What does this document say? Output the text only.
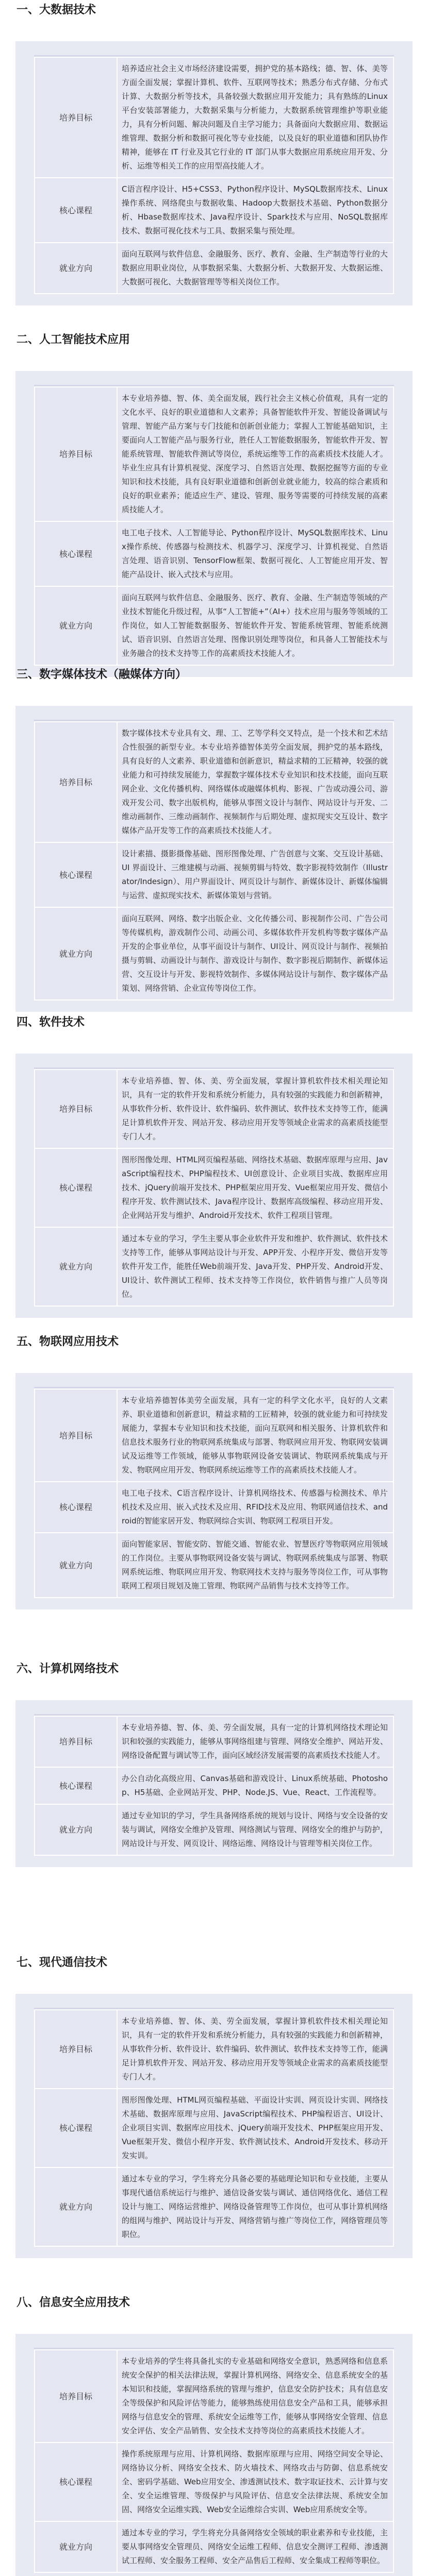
一、大数据技术
培养目标	培养适应社会主义市场经济建设需要，拥护党的基本路线；德、智、体、美等方面全面发展；掌握计算机、软件、互联网等技术；熟悉分布式存储、分布式计算、大数据分析等技术，具备较强大数据应用开发能力；具有熟练的Linux平台安装部署能力，大数据采集与分析能力，大数据系统管理维护等职业能力，具有分析问题、解决问题及自主学习能力；具备面向大数据应用、数据运维管理、数据分析和数据可视化等专业技能，以及良好的职业道德和团队协作精神，能够在 IT 行业及其它行业的 IT 部门从事大数据应用系统应用开发、分析、运维等相关工作的应用型高技能人才。
核心课程	C语言程序设计、H5+CSS3、Python程序设计、MySQL数据库技术、Linux操作系统、网络爬虫与数据收集、Hadoop大数据技术基础、Python数据分析、Hbase数据库技术、Java程序设计、Spark技术与应用、NoSQL数据库技术、数据可视化技术与工具、数据采集与预处理。
就业方向	面向互联网与软件信息、金融服务、医疗、教育、金融、生产制造等行业的大数据应用职业岗位，从事数据采集、大数据分析、大数据开发、大数据运维、大数据可视化、大数据管理等等相关岗位工作。
二、人工智能技术应用
培养目标	本专业培养德、智、体、美全面发展，践行社会主义核心价值观，具有一定的文化水平、良好的职业道德和人文素养；具备智能软件开发、智能设备调试与管理、智能产品方案与专门技能和创新创业能力；掌握人工智能基础知识，主要面向人工智能产品与服务行业，胜任人工智能数据服务，智能软件开发、智能系统管理、智能软件测试等岗位，系统运维等工作的高素质技术技能人才。毕业生应具有计算机视觉、深度学习、自然语言处理、数据挖掘等方面的专业知识和技术技能，具有良好职业道德和创新创业就业能力，较高的综合素质和良好的职业素养；能适应生产、建设、管理、服务等需要的可持续发展的高素质技能人才。
核心课程	电工电子技术、人工智能导论、Python程序设计、MySQL数据库技术、Linux操作系统、传感器与检测技术、机器学习、深度学习、计算机视觉、自然语言处理、语音识别、TensorFlow框架、数据可视化、人工智能应用开发、智能产品设计、嵌入式技术与应用。
就业方向	面向互联网与软件信息、金融服务、医疗、教育、金融、生产制造等领域的产业技术智能化升级过程，从事“人工智能+”（AI+）技术应用与服务等领域的工作岗位，如人工智能数据服务、智能软件开发、智能系统管理、智能系统测试、语音识别、自然语言处理、图像识别处理等岗位，和具备人工智能技术与业务融合的技术支持等工作的高素质技术技能人才。
三、数字媒体技术（融媒体方向）
培养目标	数字媒体技术专业具有文、理、工、艺等学科交叉特点，是一个技术和艺术结合性很强的新型专业。本专业培养德智体美劳全面发展，拥护党的基本路线，具有良好的人文素养、职业道德和创新意识，精益求精的工匠精神，较强的就业能力和可持续发展能力，掌握数字媒体技术专业知识和技术技能，面向互联网企业、文化传播机构、网络媒体或融媒体机构、影视、广告或动漫公司、游戏开发公司、数字出版机构，能够从事图文设计与制作、网站设计与开发、二维动画制作、三维动画制作、视频制作与后期处理、虚拟现实交互设计、数字媒体产品开发等工作的高素质技术技能人才。
核心课程	设计素描、摄影摄像基础、图形图像处理、广告创意与文案、交互设计基础、UI 界面设计、三维建模与动画、视频剪辑与特效、数字影视特效制作（Illustrator/Indesign）、用户界面设计、网页设计与制作、新媒体设计、新媒体编辑与运营、虚拟现实技术、新媒体策划与营销。
就业方向	面向互联网、网络、数字出版企业、文化传播公司、影视制作公司、广告公司等传媒机构，游戏制作公司、动画公司、多媒体软件开发机构等数字媒体产品开发的企事业单位，从事平面设计与制作、UI设计、网页设计与制作、视频拍摄与剪辑、动画设计与制作、游戏设计与制作、数字影视后期制作、新媒体运营、交互设计与开发、影视特效制作、多媒体网站设计与制作、数字媒体产品策划、网络营销、企业宣传等岗位工作。
四、软件技术
培养目标	本专业培养德、智、体、美、劳全面发展，掌握计算机软件技术相关理论知识，具有一定的软件开发和系统分析能力，具有较强的实践能力和创新精神，从事软件分析、软件设计、软件编码、软件测试、软件技术支持等工作，能满足计算机软件开发、网站开发、移动应用开发等领域企业需求的高素质技能型专门人才。
核心课程	图形图像处理、HTML网页编程基础、网络技术基础、数据库原理与应用、JavaScript编程技术、PHP编程技术、UI创意设计、企业项目实战、数据库应用技术、jQuery前端开发技术、PHP框架应用开发、Vue框架应用开发、微信小程序开发、软件测试技术、Java程序设计、数据库高级编程、移动应用开发、企业网站开发与维护、Android开发技术、软件工程项目管理。
就业方向	通过本专业的学习，学生主要从事企业软件开发和维护、软件测试、软件技术支持等工作，能够从事网站设计与开发、APP开发、小程序开发、微信开发等软件开发工作，能胜任Web前端开发、Java开发、PHP开发、Android开发、UI设计、软件测试工程师、技术支持等工作岗位，软件销售与推广人员等岗位。
五、物联网应用技术
培养目标	本专业培养德智体美劳全面发展，具有一定的科学文化水平，良好的人文素养、职业道德和创新意识，精益求精的工匠精神，较强的就业能力和可持续发展能力，掌握本专业知识和技术技能，面向互联网和相关服务、计算机软件和信息技术服务行业的物联网系统集成与部署、物联网应用开发、物联网安装调试及运维等工作领域，能够从事物联网设备安装调试、物联网系统集成与开发、物联网应用开发、物联网系统运维等工作的高素质技术技能人才。
核心课程	电工电子技术、C语言程序设计、计算机网络技术、传感器与检测技术、单片机技术及应用、嵌入式技术及应用、RFID技术及应用、物联网通信技术、android的智能家居开发、物联网综合实训、物联网工程项目开发。
就业方向	面向智能家居、智能安防、智能交通、智能农业、智慧医疗等物联网应用领域的工作岗位。主要从事物联网设备安装与调试、物联网系统集成与部署、物联网系统运维、物联网应用开发、物联网技术支持与服务等岗位工作，可从事物联网工程项目规划及施工管理、物联网产品销售与技术支持等工作。
六、计算机网络技术
培养目标	本专业培养德、智、体、美、劳全面发展，具有一定的计算机网络技术理论知识和较强的实践能力，能够从事网络组建与管理、网络安全维护、网站开发、网络设备配置与调试等工作，面向区域经济发展需要的高素质技术技能人才。
核心课程	办公自动化高级应用、Canvas基础和游戏设计、Linux系统基础、Photoshop、H5基础、企业网站开发、PHP、Node.JS、Vue、React、工作流程等。
就业方向	通过专业知识的学习，学生具备网络系统的规划与设计、网络与安全设备的安装与调试，网络安全维护及管理、网络测试与管理、网络安全的维护与防护，网站设计与开发、网页设计、网络运维、网络设计与管理等相关岗位工作。
七、现代通信技术
培养目标	本专业培养德、智、体、美、劳全面发展，掌握计算机软件技术相关理论知识，具有一定的软件开发和系统分析能力，具有较强的实践能力和创新精神，从事软件分析、软件设计、软件编码、软件测试、软件技术支持等工作，能满足计算机软件开发、网站开发、移动应用开发等领域企业需求的高素质技能型专门人才。
核心课程	图形图像处理、HTML网页编程基础、平面设计实训、网页设计实训、网络技术基础、数据库原理与应用、JavaScript编程技术、PHP编程语言、UI设计、企业项目实训、数据库应用技术、jQuery前端开发技术、PHP框架应用开发、Vue框架开发、微信小程序开发、软件测试技术、Android开发技术、移动开发实训。
就业方向	通过本专业的学习，学生将充分具备必要的基础理论知识和专业技能，主要从事现代通信系统运行与维护、通信设备安装与调试、通信网络优化、通信工程设计与施工、网络运营维护、网络设备管理等工作岗位，也可从事计算机网络的组网与维护、网站设计与开发、网络营销与推广等岗位工作，网络管理员等职位。
八、信息安全应用技术
培养目标	本专业培养的学生将具备扎实的专业基础和网络安全意识，熟悉网络和信息系统安全保护的相关法律法规，掌握计算机网络、网络安全、信息系统安全的基本知识和技能，掌握网络系统的管理与维护，信息安全防护技术；具有信息安全等级保护和风险评估等能力，能够熟练使用信息安全产品和工具，能够承担网络与信息安全的管理、系统安全运维等工作，能够从事网络安全管理、信息安全评估、安全产品销售、安全技术支持等岗位的高素质技术技能人才。
核心课程	操作系统原理与应用、计算机网络、数据库原理与应用、网络空间安全导论、网络协议分析、网络安全技术、防火墙技术、网络攻击与防御、信息系统安全、密码学基础、Web应用安全、渗透测试技术、数字取证技术、云计算与安全、安全运维管理、等级保护与风险评估、信息安全法律法规、系统安全加固、网络安全运维实践、Web安全运维综合实训、Web应用系统安全等。
就业方向	通过本专业的学习，学生将充分具备网络安全领域的职业素养和专业技能，主要从事网络安全管理员、网络安全运维工程师、信息安全测评工程师、渗透测试工程师、安全服务工程师、安全产品售后工程师、安全集成工程师等职位。
